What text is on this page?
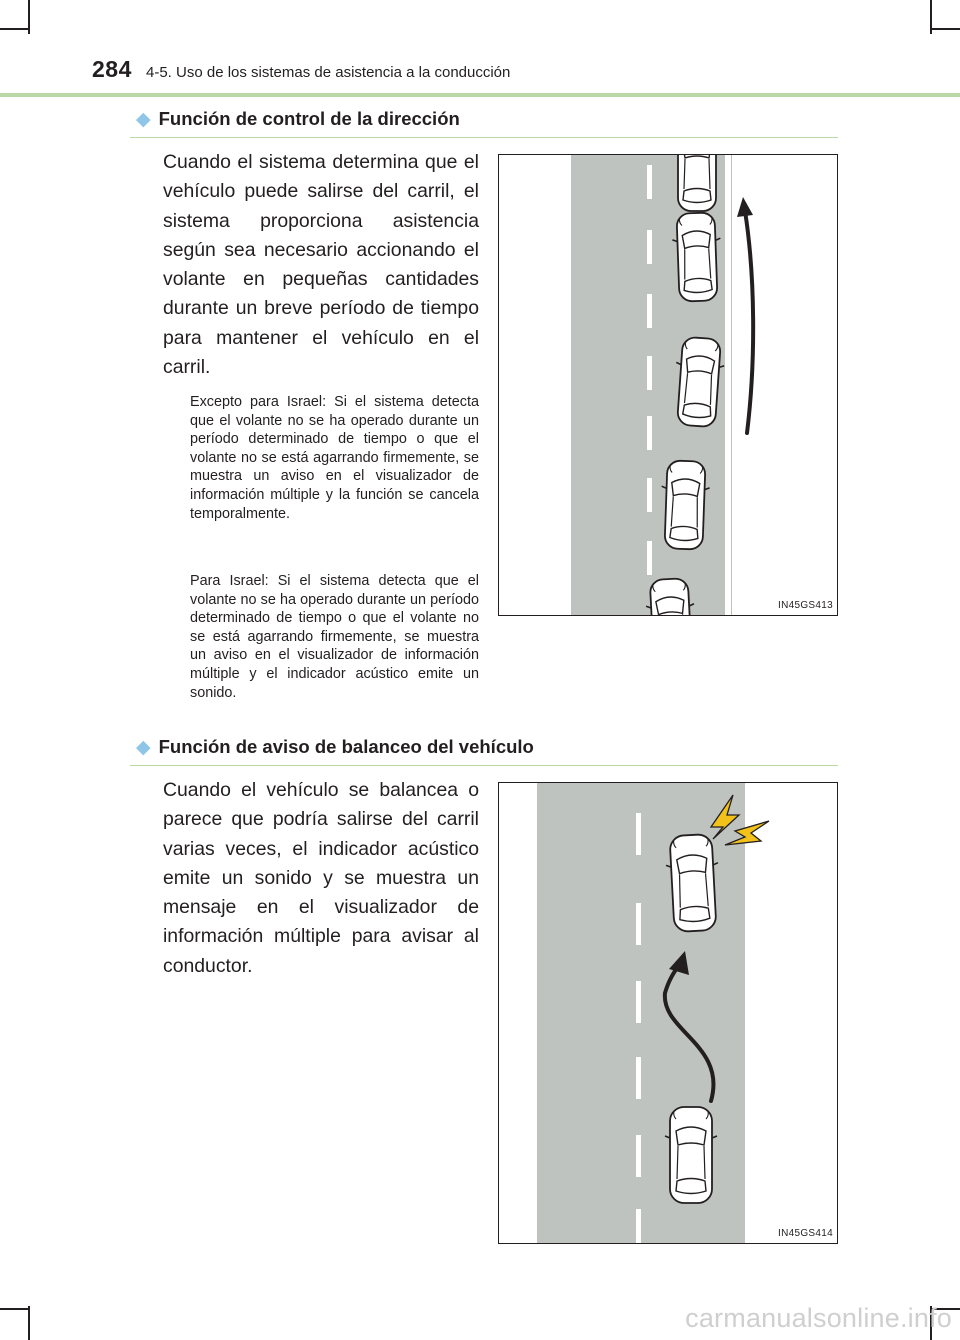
284 4-5. Uso de los sistemas de asistencia a la conducción
◆ Función de control de la dirección
Cuando el sistema determina que el vehículo puede salirse del carril, el sistema proporciona asistencia según sea necesario accionando el volante en pequeñas cantidades durante un breve período de tiempo para mantener el vehículo en el carril.
Excepto para Israel: Si el sistema detecta que el volante no se ha operado durante un período determinado de tiempo o que el volante no se está agarrando firmemente, se muestra un aviso en el visualizador de información múltiple y la función se cancela temporalmente.
Para Israel: Si el sistema detecta que el volante no se ha operado durante un período determinado de tiempo o que el volante no se está agarrando firmemente, se muestra un aviso en el visualizador de información múltiple y el indicador acústico emite un sonido.
IN45GS413
◆ Función de aviso de balanceo del vehículo
Cuando el vehículo se balancea o parece que podría salirse del carril varias veces, el indicador acústico emite un sonido y se muestra un mensaje en el visualizador de información múltiple para avisar al conductor.
IN45GS414
carmanualsonline.info
